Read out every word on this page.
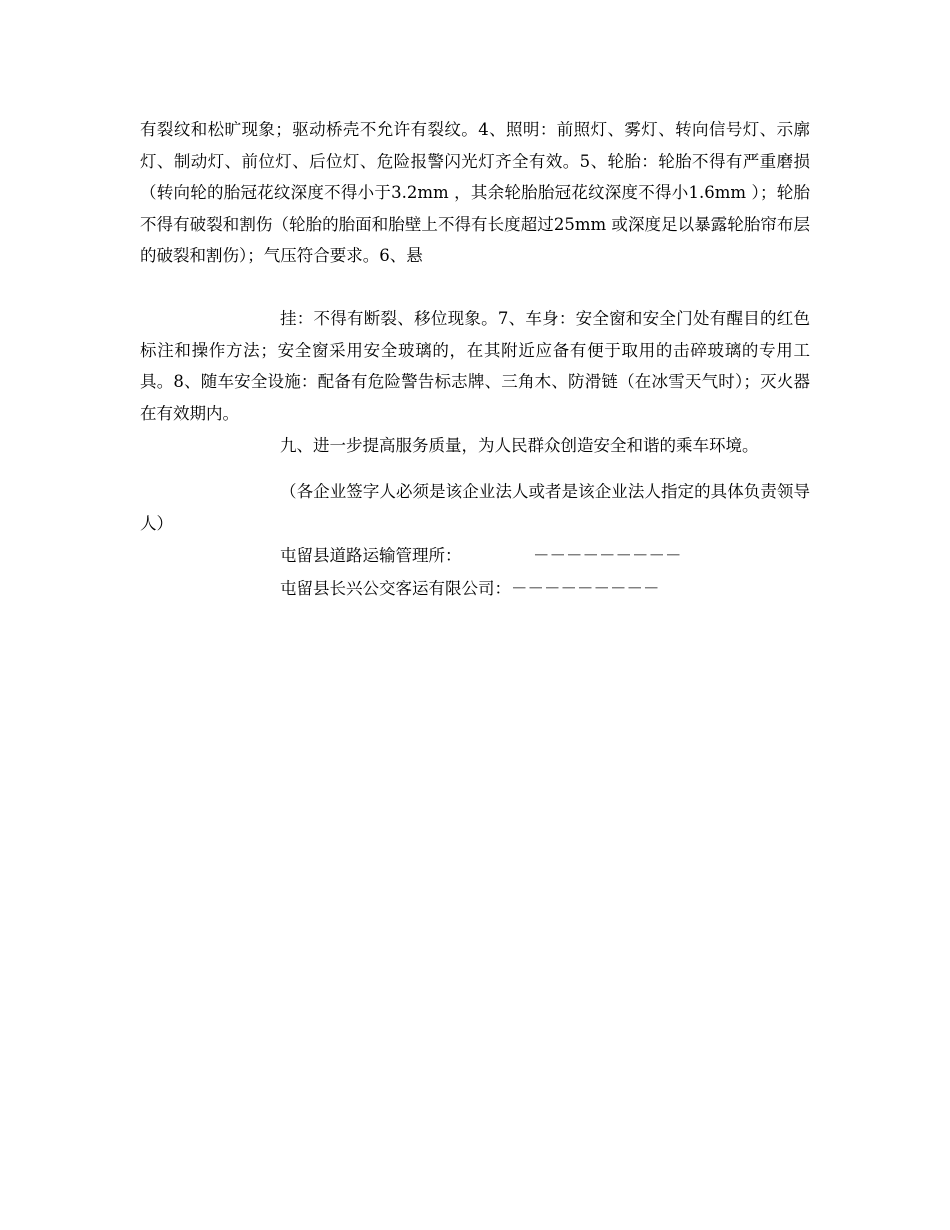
有裂纹和松旷现象；驱动桥壳不允许有裂纹。4、照明：前照灯、雾灯、转向信号灯、示廓灯、制动灯、前位灯、后位灯、危险报警闪光灯齐全有效。5、轮胎：轮胎不得有严重磨损（转向轮的胎冠花纹深度不得小于3.2mm ，其余轮胎胎冠花纹深度不得小1.6mm ）；轮胎不得有破裂和割伤（轮胎的胎面和胎壁上不得有长度超过25mm 或深度足以暴露轮胎帘布层的破裂和割伤）；气压符合要求。6、悬

挂：不得有断裂、移位现象。7、车身：安全窗和安全门处有醒目的红色标注和操作方法；安全窗采用安全玻璃的，在其附近应备有便于取用的击碎玻璃的专用工具。8、随车安全设施：配备有危险警告标志牌、三角木、防滑链（在冰雪天气时）；灭火器在有效期内。

九、进一步提高服务质量，为人民群众创造安全和谐的乘车环境。

（各企业签字人必须是该企业法人或者是该企业法人指定的具体负责领导人）

屯留县道路运输管理所：	－－－－－－－－－
屯留县长兴公交客运有限公司：－－－－－－－－－
